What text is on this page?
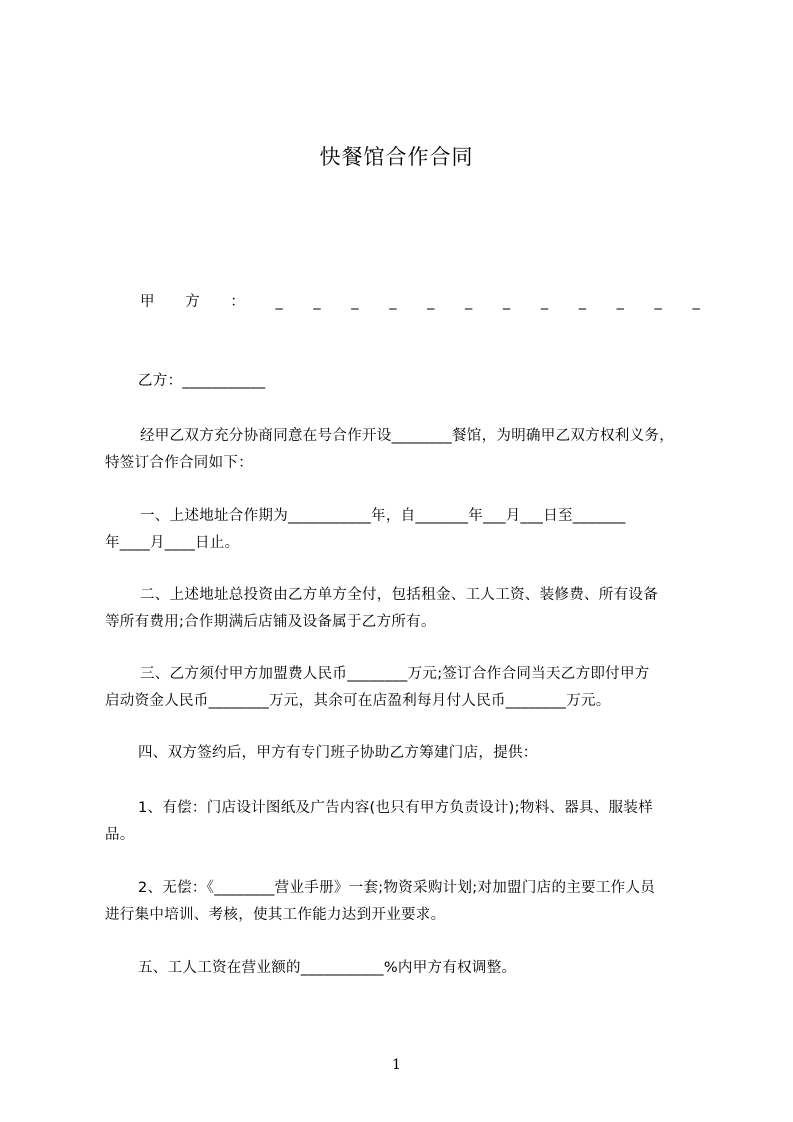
快餐馆合作合同
甲 方 ： _ _ _ _ _ _ _ _ _ _ _ _
乙方：___________
经甲乙双方充分协商同意在号合作开设________餐馆，为明确甲乙双方权利义务，
特签订合作合同如下：
一、上述地址合作期为___________年，自_______年___月___日至_______
年____月____日止。
二、上述地址总投资由乙方单方全付，包括租金、工人工资、装修费、所有设备
等所有费用;合作期满后店铺及设备属于乙方所有。
三、乙方须付甲方加盟费人民币________万元;签订合作合同当天乙方即付甲方
启动资金人民币________万元，其余可在店盈利每月付人民币________万元。
四、双方签约后，甲方有专门班子协助乙方筹建门店，提供：
1、有偿：门店设计图纸及广告内容(也只有甲方负责设计);物料、器具、服装样
品。
2、无偿：《________营业手册》一套;物资采购计划;对加盟门店的主要工作人员
进行集中培训、考核，使其工作能力达到开业要求。
五、工人工资在营业额的___________%内甲方有权调整。
1
